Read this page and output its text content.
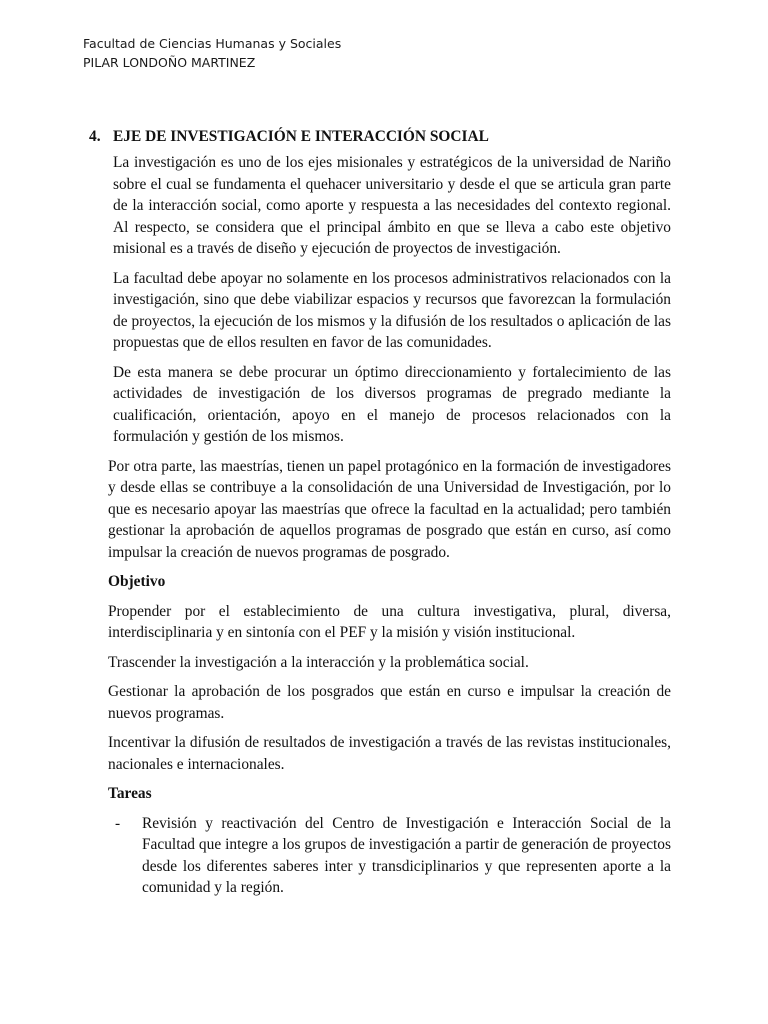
Facultad de Ciencias Humanas y Sociales
PILAR LONDOÑO MARTINEZ
4. EJE DE INVESTIGACIÓN E INTERACCIÓN SOCIAL

La investigación es uno de los ejes misionales y estratégicos de la universidad de Nariño sobre el cual se fundamenta el quehacer universitario y desde el que se articula gran parte de la interacción social, como aporte y respuesta a las necesidades del contexto regional. Al respecto, se considera que el principal ámbito en que se lleva a cabo este objetivo misional es a través de diseño y ejecución de proyectos de investigación.

La facultad debe apoyar no solamente en los procesos administrativos relacionados con la investigación, sino que debe viabilizar espacios y recursos que favorezcan la formulación de proyectos, la ejecución de los mismos y la difusión de los resultados o aplicación de las propuestas que de ellos resulten en favor de las comunidades.

De esta manera se debe procurar un óptimo direccionamiento y fortalecimiento de las actividades de investigación de los diversos programas de pregrado mediante la cualificación, orientación, apoyo en el manejo de procesos relacionados con la formulación y gestión de los mismos.

Por otra parte, las maestrías, tienen un papel protagónico en la formación de investigadores y desde ellas se contribuye a la consolidación de una Universidad de Investigación, por lo que es necesario apoyar las maestrías que ofrece la facultad en la actualidad; pero también gestionar la aprobación de aquellos programas de posgrado que están en curso, así como impulsar la creación de nuevos programas de posgrado.

Objetivo

Propender por el establecimiento de una cultura investigativa, plural, diversa, interdisciplinaria y en sintonía con el PEF y la misión y visión institucional.

Trascender la investigación a la interacción y la problemática social.

Gestionar la aprobación de los posgrados que están en curso e impulsar la creación de nuevos programas.

Incentivar la difusión de resultados de investigación a través de las revistas institucionales, nacionales e internacionales.

Tareas
- Revisión y reactivación del Centro de Investigación e Interacción Social de la Facultad que integre a los grupos de investigación a partir de generación de proyectos desde los diferentes saberes inter y transdiciplinarios y que representen aporte a la comunidad y la región.
